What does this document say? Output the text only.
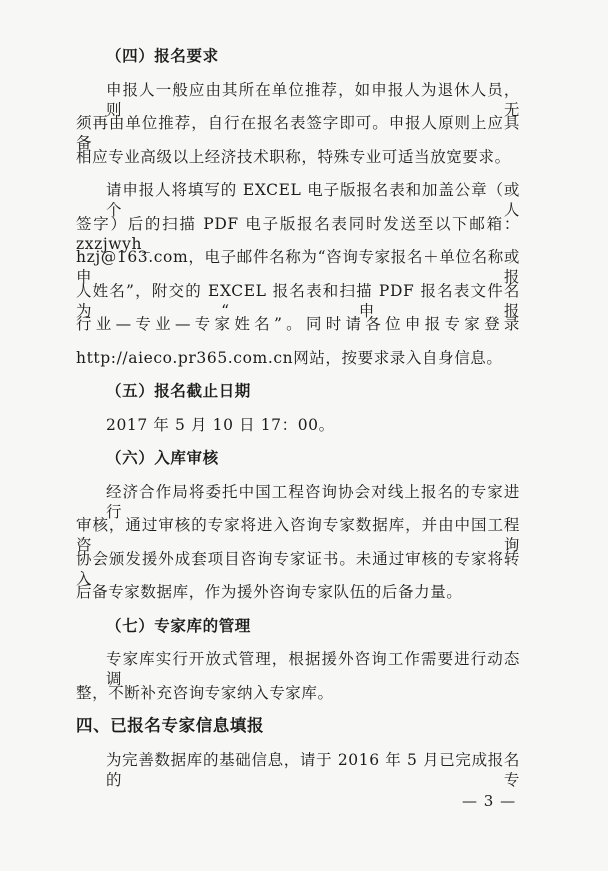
（四）报名要求
申报人一般应由其所在单位推荐，如申报人为退休人员，则无
须再由单位推荐，自行在报名表签字即可。申报人原则上应具备
相应专业高级以上经济技术职称，特殊专业可适当放宽要求。
请申报人将填写的 EXCEL 电子版报名表和加盖公章（或个人
签字）后的扫描 PDF 电子版报名表同时发送至以下邮箱：zxzjwyh_
hzj@163.com，电子邮件名称为“咨询专家报名＋单位名称或申报
人姓名”，附交的 EXCEL 报名表和扫描 PDF 报名表文件名为“申报
行业—专业—专家姓名”。同时请各位申报专家登录
http://aieco.pr365.com.cn网站，按要求录入自身信息。
（五）报名截止日期
2017 年 5 月 10 日 17：00。
（六）入库审核
经济合作局将委托中国工程咨询协会对线上报名的专家进行
审核，通过审核的专家将进入咨询专家数据库，并由中国工程咨询
协会颁发援外成套项目咨询专家证书。未通过审核的专家将转入
后备专家数据库，作为援外咨询专家队伍的后备力量。
（七）专家库的管理
专家库实行开放式管理，根据援外咨询工作需要进行动态调
整，不断补充咨询专家纳入专家库。
四、已报名专家信息填报
为完善数据库的基础信息，请于 2016 年 5 月已完成报名的专
— 3 —
